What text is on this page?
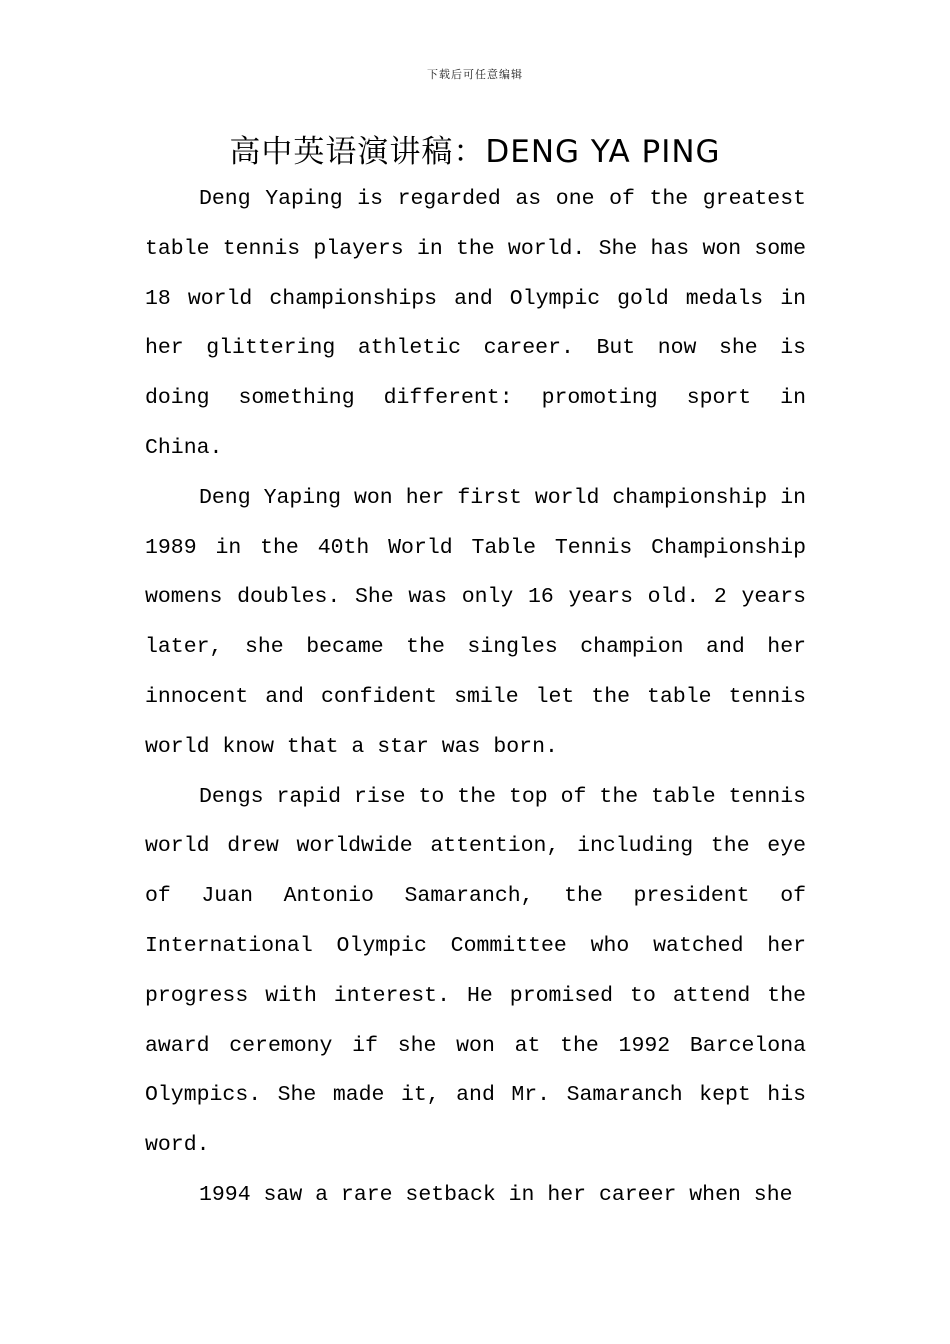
下载后可任意编辑
高中英语演讲稿：DENG YA PING

Deng Yaping is regarded as one of the greatest table tennis players in the world. She has won some 18 world championships and Olympic gold medals in her glittering athletic career. But now she is doing something different: promoting sport in China.

Deng Yaping won her first world championship in 1989 in the 40th World Table Tennis Championship womens doubles. She was only 16 years old. 2 years later, she became the singles champion and her innocent and confident smile let the table tennis world know that a star was born.

Dengs rapid rise to the top of the table tennis world drew worldwide attention, including the eye of Juan Antonio Samaranch, the president of International Olympic Committee who watched her progress with interest. He promised to attend the award ceremony if she won at the 1992 Barcelona Olympics. She made it, and Mr. Samaranch kept his word.

1994 saw a rare setback in her career when she
